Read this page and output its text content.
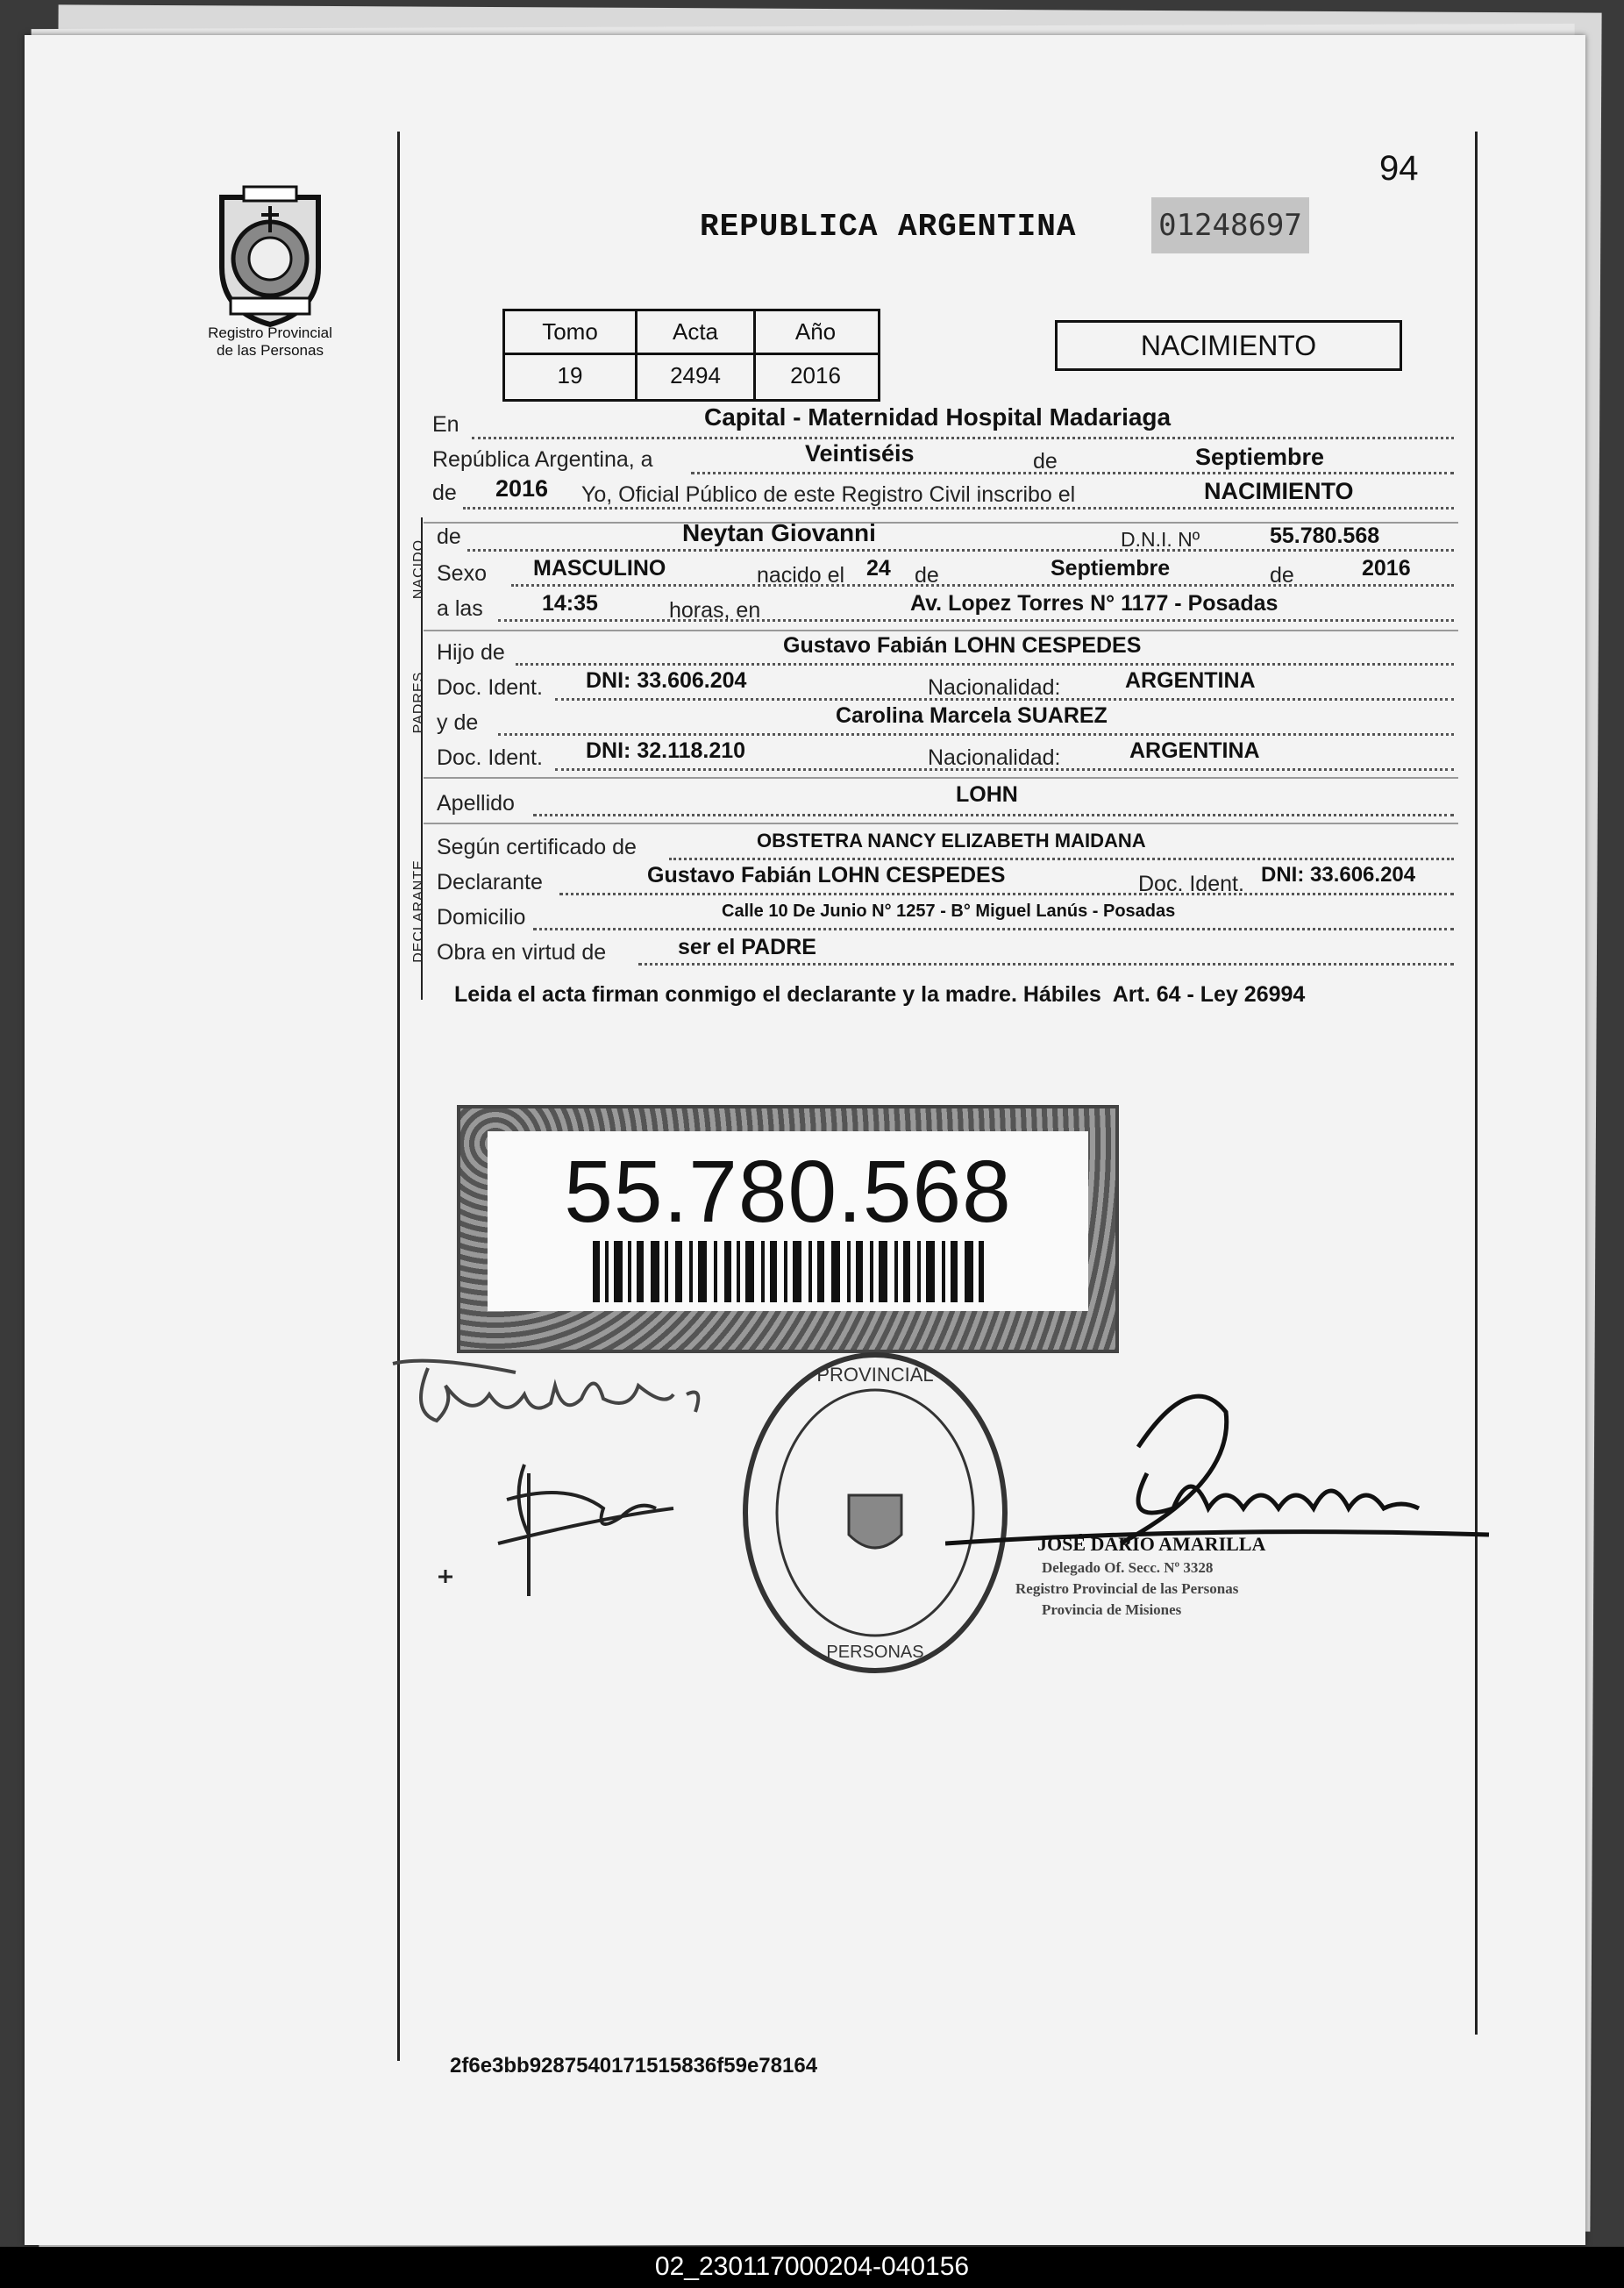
94
Registro Provincial
de las Personas
REPUBLICA ARGENTINA	01248697
Tomo	Acta	Año
19	2494	2016
NACIMIENTO
En	Capital - Maternidad Hospital Madariaga
República Argentina, a	Veintiséis	de	Septiembre
de 2016 Yo, Oficial Público de este Registro Civil inscribo el	NACIMIENTO
NACIDO
de	Neytan Giovanni	D.N.I. Nº	55.780.568
Sexo MASCULINO	nacido el 24 de	Septiembre	de	2016
a las	14:35	horas, en	Av. Lopez Torres N° 1177 - Posadas
PADRES
Hijo de	Gustavo Fabián LOHN CESPEDES
Doc. Ident. DNI: 33.606.204	Nacionalidad:	ARGENTINA
y de	Carolina Marcela SUAREZ
Doc. Ident. DNI: 32.118.210	Nacionalidad:	ARGENTINA
Apellido	LOHN
DECLARANTE
Según certificado de	OBSTETRA NANCY ELIZABETH MAIDANA
Declarante	Gustavo Fabián LOHN CESPEDES	Doc. Ident. DNI: 33.606.204
Domicilio	Calle 10 De Junio N° 1257 - B° Miguel Lanús - Posadas
Obra en virtud de	ser el PADRE
Leida el acta firman conmigo el declarante y la madre. Hábiles  Art. 64 - Ley 26994
55.780.568
PROVINCIAL
PERSONAS
JOSÉ DARÍO AMARILLA
Delegado Of. Secc. Nº 3328
Registro Provincial de las Personas
Provincia de Misiones
2f6e3bb9287540171515836f59e78164
02_230117000204-040156
